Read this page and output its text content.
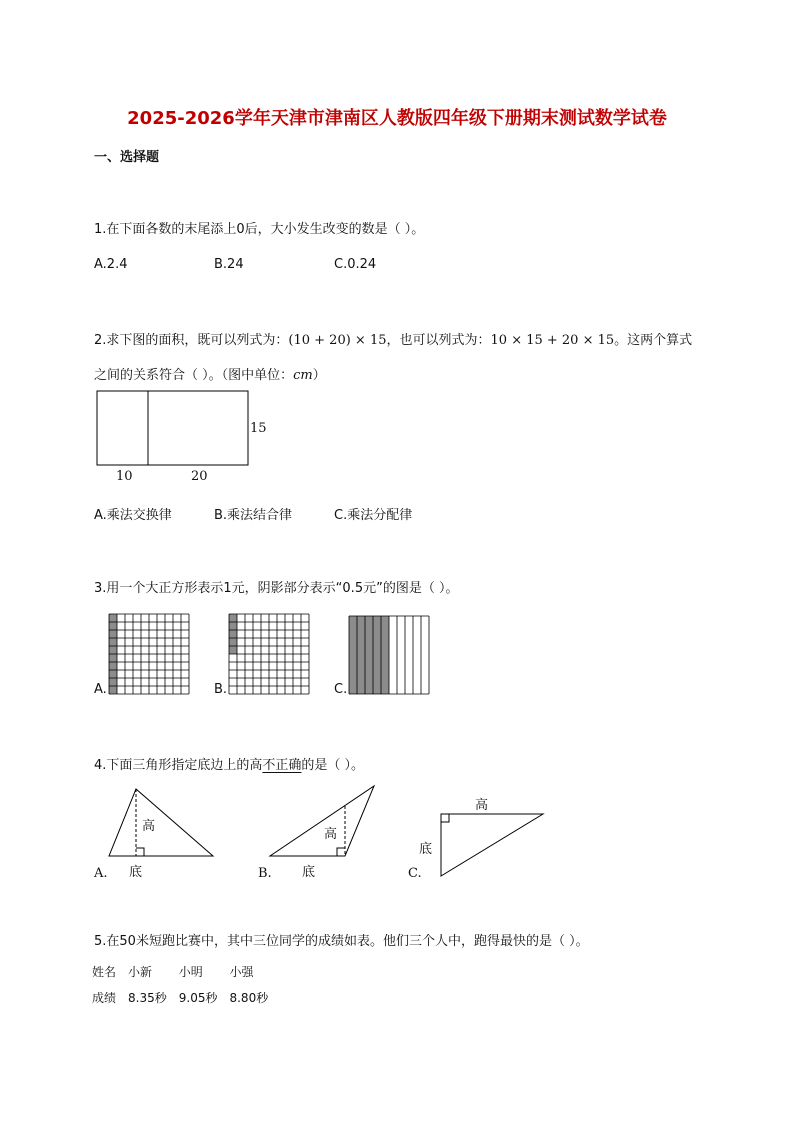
2025-2026学年天津市津南区人教版四年级下册期末测试数学试卷
一、选择题
1.在下面各数的末尾添上0后，大小发生改变的数是（ ）。
A.2.4	B.24	C.0.24
2.求下图的面积，既可以列式为：(10 + 20) × 15，也可以列式为：10 × 15 + 20 × 15。这两个算式
之间的关系符合（ ）。（图中单位：cm）
15
10	20
A.乘法交换律	B.乘法结合律	C.乘法分配律
3.用一个大正方形表示1元，阴影部分表示“0.5元”的图是（ ）。
A.	B.	C.
4.下面三角形指定底边上的高不正确的是（ ）。
高
底
高
底
高
底
A.	B.	C.
5.在50米短跑比赛中，其中三位同学的成绩如表。他们三个人中，跑得最快的是（ ）。
姓名	小新	小明	小强
成绩	8.35秒	9.05秒	8.80秒
